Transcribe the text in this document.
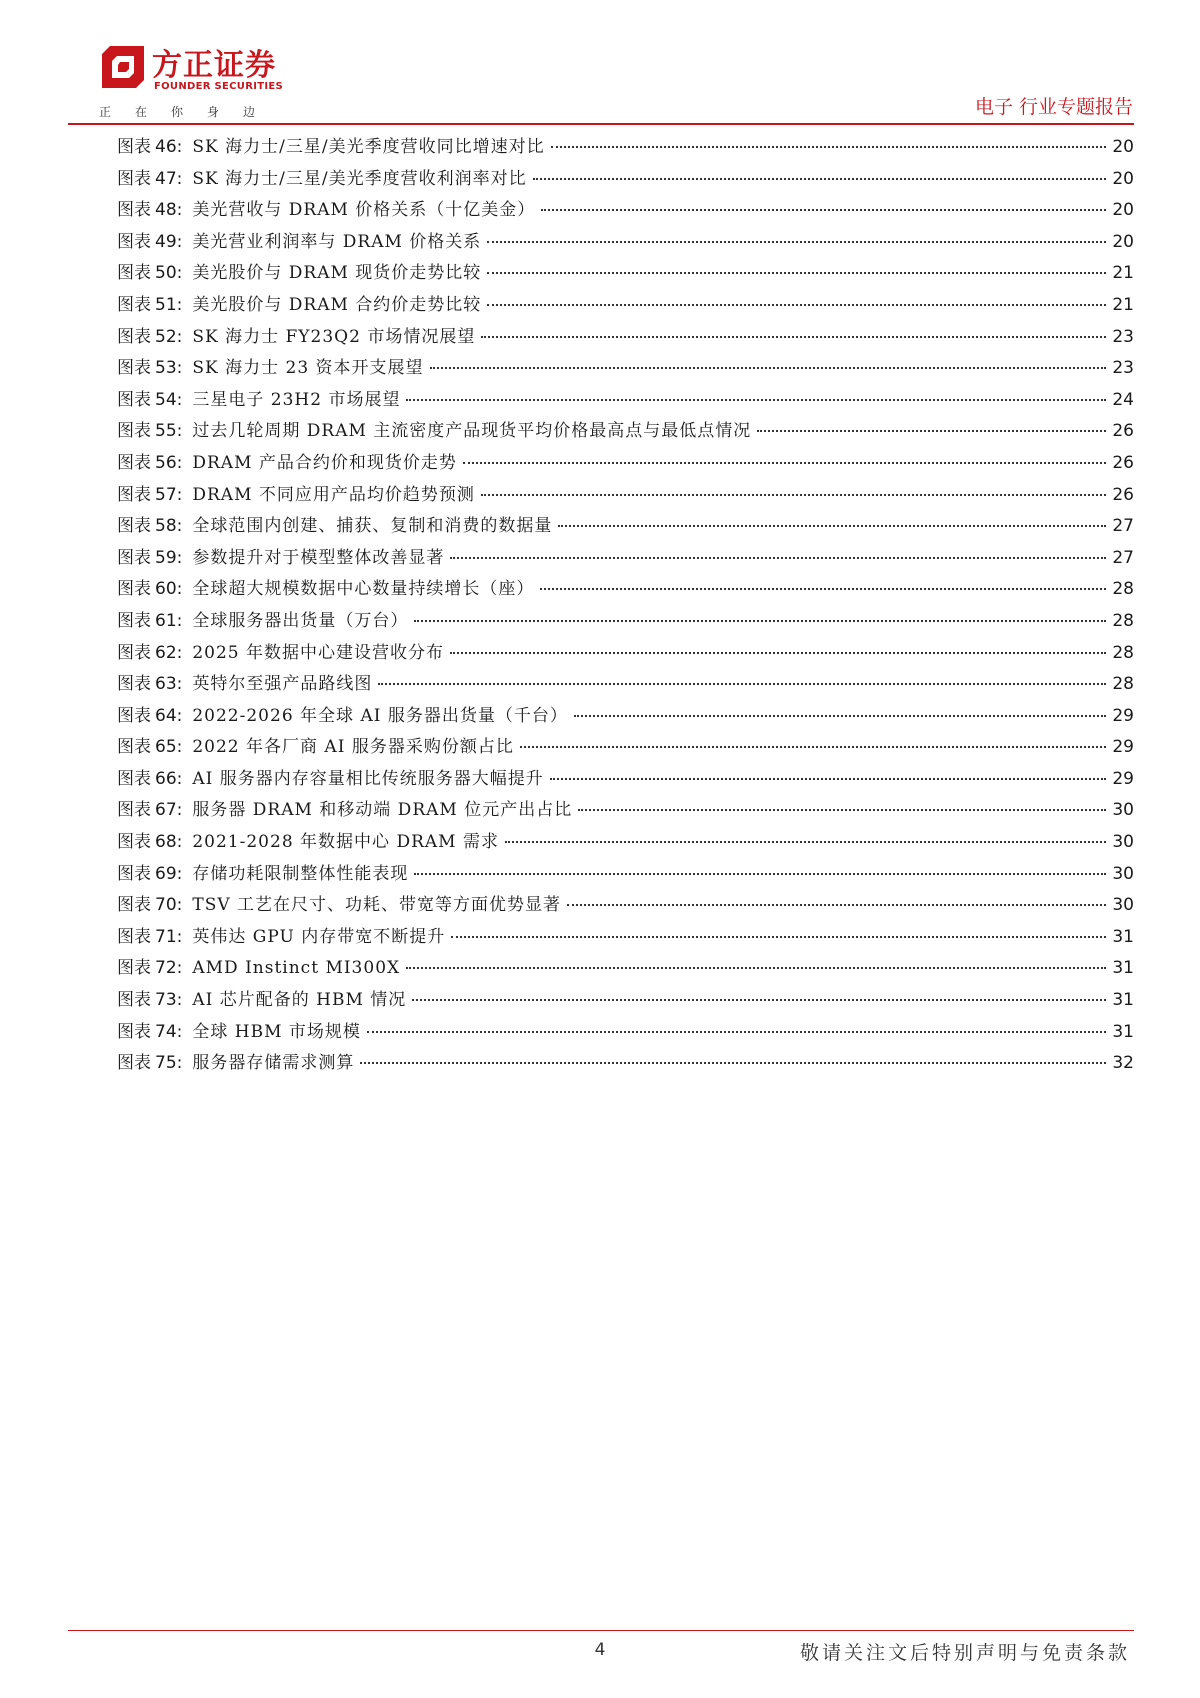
方正证券
FOUNDER SECURITIES
正在你身边	电子 行业专题报告
图表 46: SK 海力士/三星/美光季度营收同比增速对比	20
图表 47: SK 海力士/三星/美光季度营收利润率对比	20
图表 48: 美光营收与 DRAM 价格关系（十亿美金）	20
图表 49: 美光营业利润率与 DRAM 价格关系	20
图表 50: 美光股价与 DRAM 现货价走势比较	21
图表 51: 美光股价与 DRAM 合约价走势比较	21
图表 52: SK 海力士 FY23Q2 市场情况展望	23
图表 53: SK 海力士 23 资本开支展望	23
图表 54: 三星电子 23H2 市场展望	24
图表 55: 过去几轮周期 DRAM 主流密度产品现货平均价格最高点与最低点情况	26
图表 56: DRAM 产品合约价和现货价走势	26
图表 57: DRAM 不同应用产品均价趋势预测	26
图表 58: 全球范围内创建、捕获、复制和消费的数据量	27
图表 59: 参数提升对于模型整体改善显著	27
图表 60: 全球超大规模数据中心数量持续增长（座）	28
图表 61: 全球服务器出货量（万台）	28
图表 62: 2025 年数据中心建设营收分布	28
图表 63: 英特尔至强产品路线图	28
图表 64: 2022-2026 年全球 AI 服务器出货量（千台）	29
图表 65: 2022 年各厂商 AI 服务器采购份额占比	29
图表 66: AI 服务器内存容量相比传统服务器大幅提升	29
图表 67: 服务器 DRAM 和移动端 DRAM 位元产出占比	30
图表 68: 2021-2028 年数据中心 DRAM 需求	30
图表 69: 存储功耗限制整体性能表现	30
图表 70: TSV 工艺在尺寸、功耗、带宽等方面优势显著	30
图表 71: 英伟达 GPU 内存带宽不断提升	31
图表 72: AMD Instinct MI300X	31
图表 73: AI 芯片配备的 HBM 情况	31
图表 74: 全球 HBM 市场规模	31
图表 75: 服务器存储需求测算	32
4	敬请关注文后特别声明与免责条款
